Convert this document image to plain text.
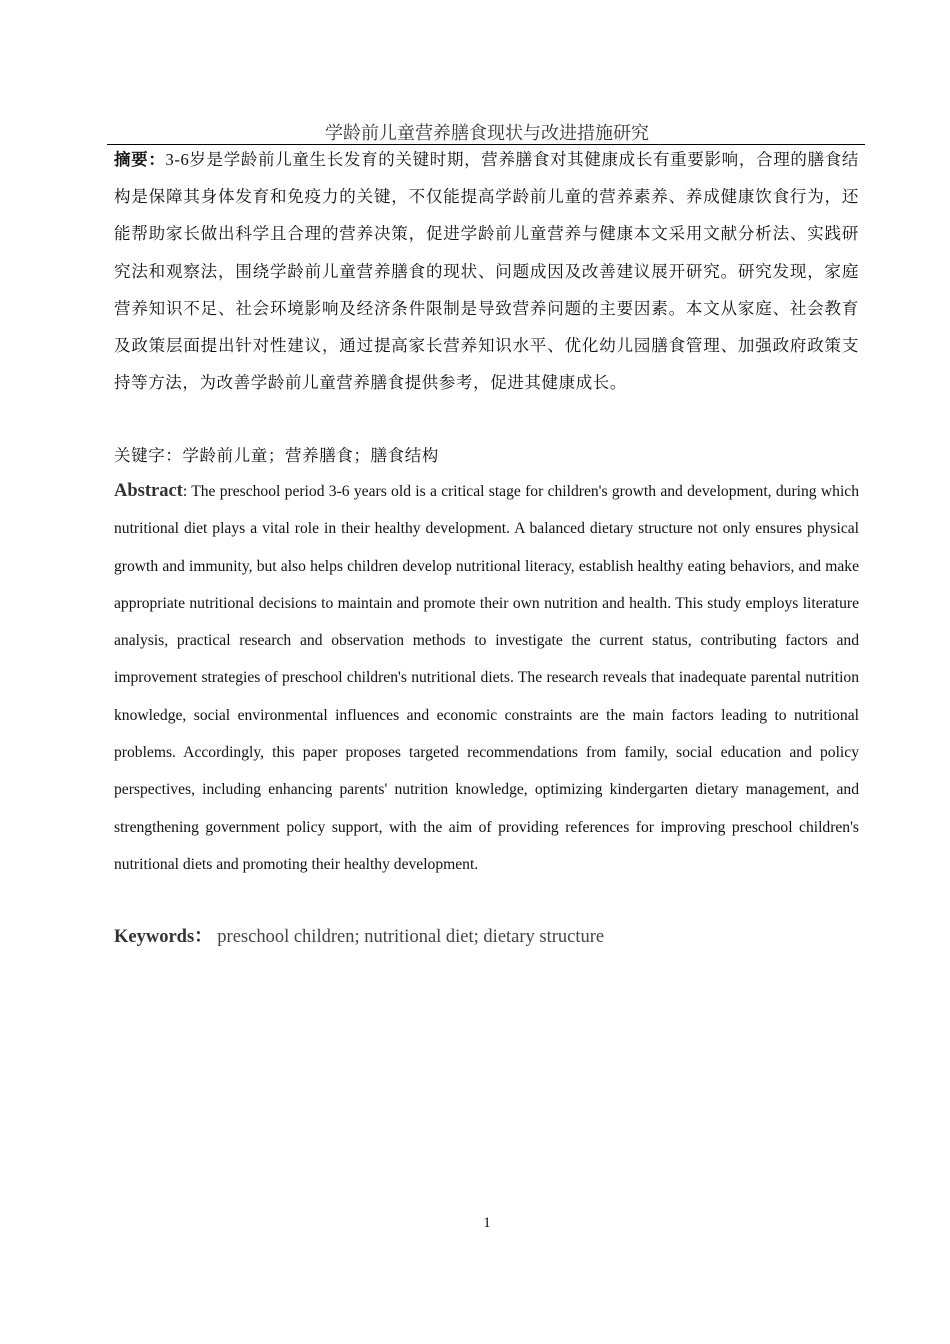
学龄前儿童营养膳食现状与改进措施研究
摘要：3-6岁是学龄前儿童生长发育的关键时期，营养膳食对其健康成长有重要影响，合理的膳食结构是保障其身体发育和免疫力的关键，不仅能提高学龄前儿童的营养素养、养成健康饮食行为，还能帮助家长做出科学且合理的营养决策，促进学龄前儿童营养与健康本文采用文献分析法、实践研究法和观察法，围绕学龄前儿童营养膳食的现状、问题成因及改善建议展开研究。研究发现，家庭营养知识不足、社会环境影响及经济条件限制是导致营养问题的主要因素。本文从家庭、社会教育及政策层面提出针对性建议，通过提高家长营养知识水平、优化幼儿园膳食管理、加强政府政策支持等方法，为改善学龄前儿童营养膳食提供参考，促进其健康成长。
关键字：学龄前儿童；营养膳食；膳食结构
Abstract: The preschool period 3-6 years old is a critical stage for children's growth and development, during which nutritional diet plays a vital role in their healthy development. A balanced dietary structure not only ensures physical growth and immunity, but also helps children develop nutritional literacy, establish healthy eating behaviors, and make appropriate nutritional decisions to maintain and promote their own nutrition and health. This study employs literature analysis, practical research and observation methods to investigate the current status, contributing factors and improvement strategies of preschool children's nutritional diets. The research reveals that inadequate parental nutrition knowledge, social environmental influences and economic constraints are the main factors leading to nutritional problems. Accordingly, this paper proposes targeted recommendations from family, social education and policy perspectives, including enhancing parents' nutrition knowledge, optimizing kindergarten dietary management, and strengthening government policy support, with the aim of providing references for improving preschool children's nutritional diets and promoting their healthy development.
Keywords： preschool children; nutritional diet; dietary structure
1
